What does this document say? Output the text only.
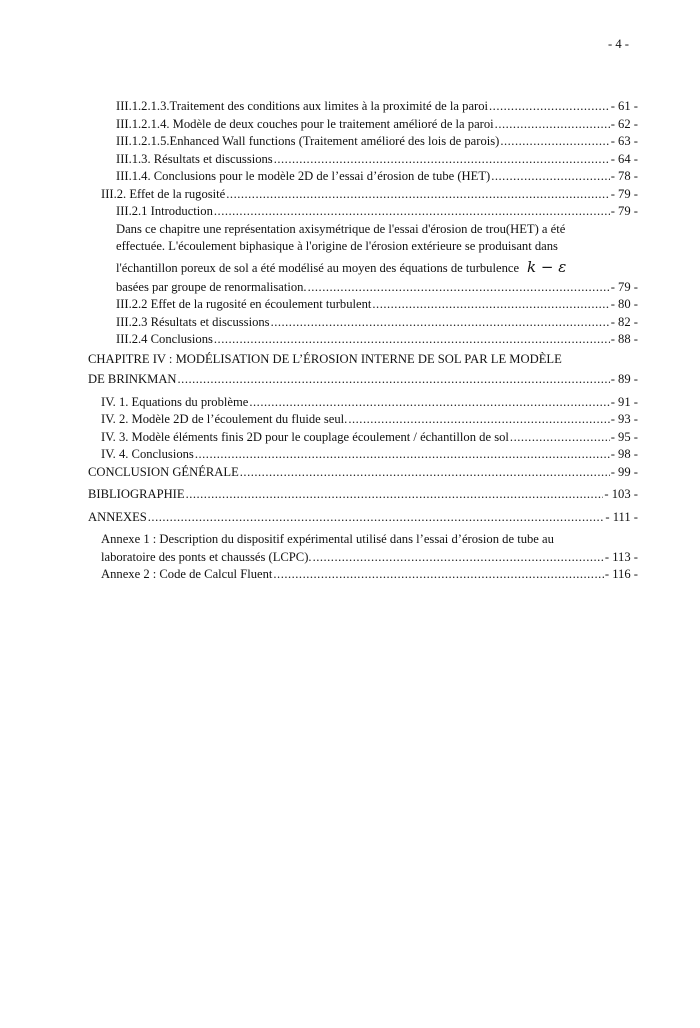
- 4 -
III.1.2.1.3.Traitement des conditions aux limites à la proximité de la paroi .....	- 61 -
III.1.2.1.4. Modèle de deux couches pour le traitement amélioré de la paroi .....	- 62 -
III.1.2.1.5.Enhanced Wall functions (Traitement amélioré des lois de parois) .....	- 63 -
III.1.3. Résultats et discussions .....	- 64 -
III.1.4. Conclusions pour le modèle 2D de l’essai d’érosion de tube (HET) .....	- 78 -
III.2. Effet de la rugosité .....	- 79 -
III.2.1 Introduction .....	- 79 -
Dans ce chapitre une représentation axisymétrique de l'essai d'érosion de trou(HET) a été
effectuée. L'écoulement biphasique à l'origine de l'érosion extérieure se produisant dans
l'échantillon poreux de sol a été modélisé au moyen des équations de turbulence k − ε
basées par groupe de renormalisation. .....	- 79 -
III.2.2 Effet de la rugosité en écoulement turbulent .....	- 80 -
III.2.3 Résultats et discussions .....	- 82 -
III.2.4 Conclusions .....	- 88 -
CHAPITRE IV : MODÉLISATION DE L’ÉROSION INTERNE DE SOL PAR LE MODÈLE
DE BRINKMAN .....	- 89 -
IV. 1. Equations du problème .....	- 91 -
IV. 2. Modèle 2D de l’écoulement du fluide seul. .....	- 93 -
IV. 3. Modèle éléments finis 2D pour le couplage écoulement / échantillon de sol .....	- 95 -
IV. 4. Conclusions .....	- 98 -
CONCLUSION GÉNÉRALE .....	- 99 -
BIBLIOGRAPHIE .....	- 103 -
ANNEXES .....	- 111 -
Annexe 1 : Description du dispositif expérimental utilisé dans l’essai d’érosion de tube au
laboratoire des ponts et chaussés (LCPC). .....	- 113 -
Annexe 2 : Code de Calcul Fluent .....	- 116 -
